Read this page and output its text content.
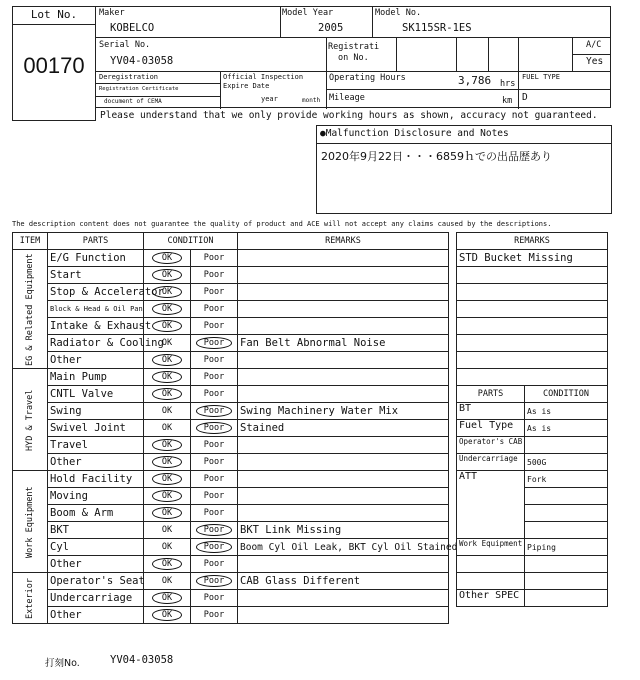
Lot No.
00170
Maker
KOBELCO
Model Year
2005
Model No.
SK115SR-1ES
Serial No.
YV04-03058
Registrati
on No.
A/C
Yes
Deregistration
Registration Certificate
document of CEMA
Official Inspection
Expire Date
year	month
Operating Hours	3,786 hrs
Mileage	km
FUEL TYPE
D
Please understand that we only provide working hours as shown, accuracy not guaranteed.
●Malfunction Disclosure and Notes
2020年9月22日・・・6859ｈでの出品歴あり
The description content does not guarantee the quality of product and ACE will not accept any claims caused by the descriptions.
ITEM	PARTS	CONDITION		REMARKS

EG & Related Equipment	E/G Function	OK	Poor	
	Start	OK	Poor	
	Stop & Accelerator	OK	Poor	
	Block & Head & Oil Pan	OK	Poor	
	Intake & Exhaust	OK	Poor	
	Radiator & Cooling	OK	Poor	Fan Belt Abnormal Noise
	Other	OK	Poor	

HYD & Travel	Main Pump	OK	Poor	
	CNTL Valve	OK	Poor	
	Swing	OK	Poor	Swing Machinery Water Mix
	Swivel Joint	OK	Poor	Stained
	Travel	OK	Poor	
	Other	OK	Poor	

Work Equipment	Hold Facility	OK	Poor	
	Moving	OK	Poor	
	Boom & Arm	OK	Poor	
	BKT	OK	Poor	BKT Link Missing
	Cyl	OK	Poor	Boom Cyl Oil Leak, BKT Cyl Oil Stained
	Other	OK	Poor	

Exterior	Operator's Seat	OK	Poor	CAB Glass Different
	Undercarriage	OK	Poor	
	Other	OK	Poor	
REMARKS
STD Bucket Missing

PARTS	CONDITION
BT	As is
Fuel Type	As is
Operator's CAB	
Undercarriage	500G
ATT	Fork

Work Equipment	Piping

Other SPEC	
打刻No.	YV04-03058
